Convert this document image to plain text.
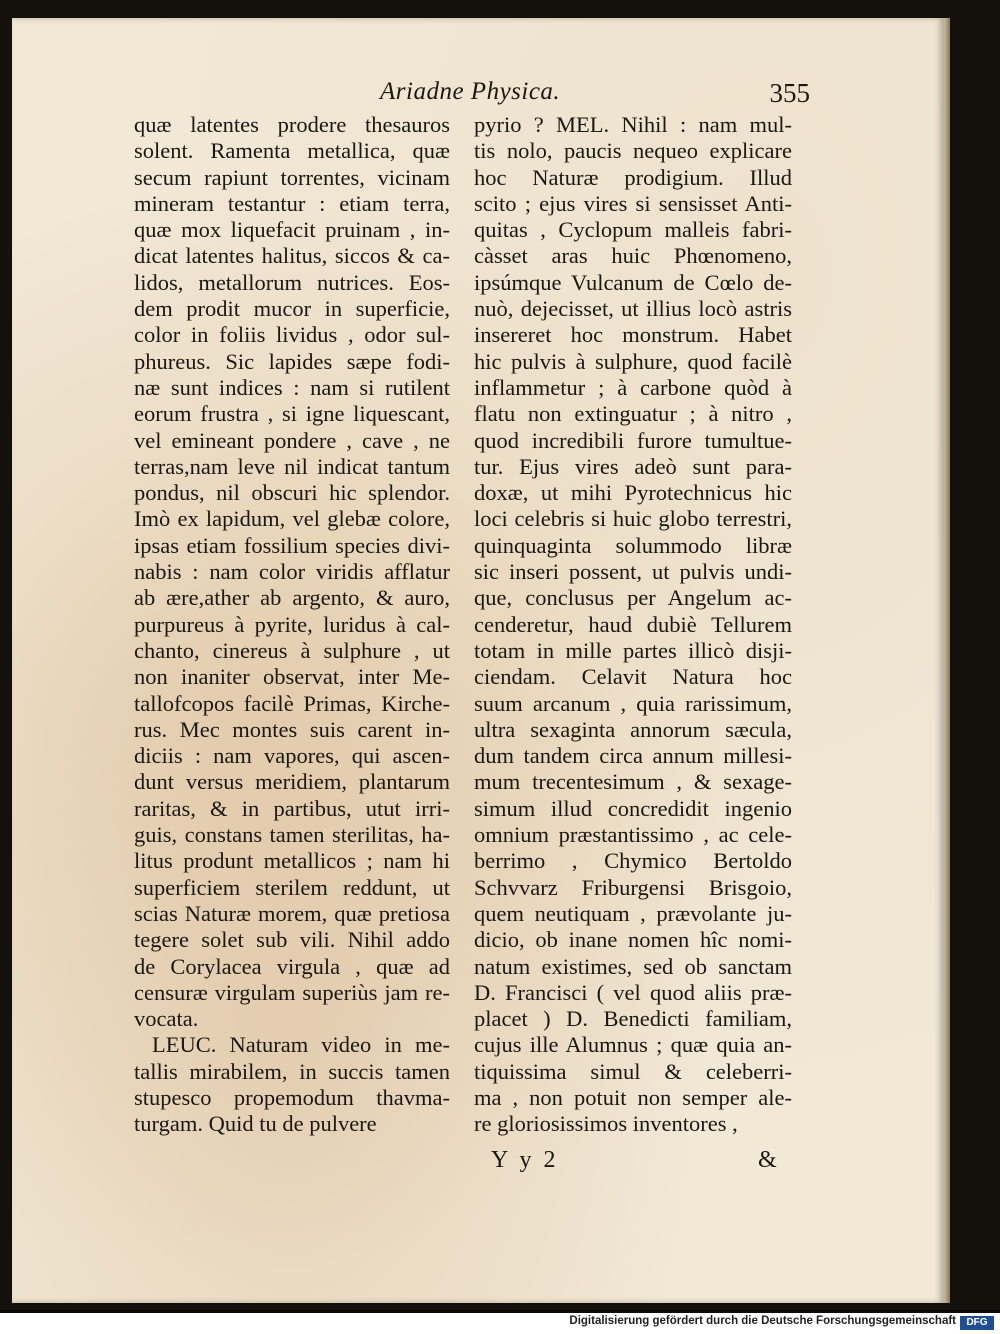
Ariadne Physica.	355
quæ latentes prodere thesauros
solent. Ramenta metallica, quæ
secum rapiunt torrentes, vicinam
mineram testantur : etiam terra,
quæ mox liquefacit pruinam , in-
dicat latentes halitus, siccos & ca-
lidos, metallorum nutrices. Eos-
dem prodit mucor in superficie,
color in foliis lividus , odor sul-
phureus. Sic lapides sæpe fodi-
næ sunt indices : nam si rutilent
eorum frustra , si igne liquescant,
vel emineant pondere , cave , ne
terras,nam leve nil indicat tantum
pondus, nil obscuri hic splendor.
Imò ex lapidum, vel glebæ colore,
ipsas etiam fossilium species divi-
nabis : nam color viridis afflatur
ab ære,ather ab argento, & auro,
purpureus à pyrite, luridus à cal-
chanto, cinereus à sulphure , ut
non inaniter observat, inter Me-
tallofcopos facilè Primas, Kirche-
rus. Mec montes suis carent in-
diciis : nam vapores, qui ascen-
dunt versus meridiem, plantarum
raritas, & in partibus, utut irri-
guis, constans tamen sterilitas, ha-
litus produnt metallicos ; nam hi
superficiem sterilem reddunt, ut
scias Naturæ morem, quæ pretiosa
tegere solet sub vili. Nihil addo
de Corylacea virgula , quæ ad
censuræ virgulam superiùs jam re-
vocata.
LEUC. Naturam video in me-
tallis mirabilem, in succis tamen
stupesco propemodum thavma-
turgam. Quid tu de pulvere
pyrio ? MEL. Nihil : nam mul-
tis nolo, paucis nequeo explicare
hoc Naturæ prodigium. Illud
scito ; ejus vires si sensisset Anti-
quitas , Cyclopum malleis fabri-
càsset aras huic Phœnomeno,
ipsúmque Vulcanum de Cœlo de-
nuò, dejecisset, ut illius locò astris
insereret hoc monstrum. Habet
hic pulvis à sulphure, quod facilè
inflammetur ; à carbone quòd à
flatu non extinguatur ; à nitro ,
quod incredibili furore tumultue-
tur. Ejus vires adeò sunt para-
doxæ, ut mihi Pyrotechnicus hic
loci celebris si huic globo terrestri,
quinquaginta solummodo libræ
sic inseri possent, ut pulvis undi-
que, conclusus per Angelum ac-
cenderetur, haud dubiè Tellurem
totam in mille partes illicò disji-
ciendam. Celavit Natura hoc
suum arcanum , quia rarissimum,
ultra sexaginta annorum sæcula,
dum tandem circa annum millesi-
mum trecentesimum , & sexage-
simum illud concredidit ingenio
omnium præstantissimo , ac cele-
berrimo , Chymico Bertoldo
Schvvarz Friburgensi Brisgoio,
quem neutiquam , prævolante ju-
dicio, ob inane nomen hîc nomi-
natum existimes, sed ob sanctam
D. Francisci ( vel quod aliis præ-
placet ) D. Benedicti familiam,
cujus ille Alumnus ; quæ quia an-
tiquissima simul & celeberri-
ma , non potuit non semper ale-
re gloriosissimos inventores ,
Y y 2	&
Digitalisierung gefördert durch die Deutsche Forschungsgemeinschaft	DFG
